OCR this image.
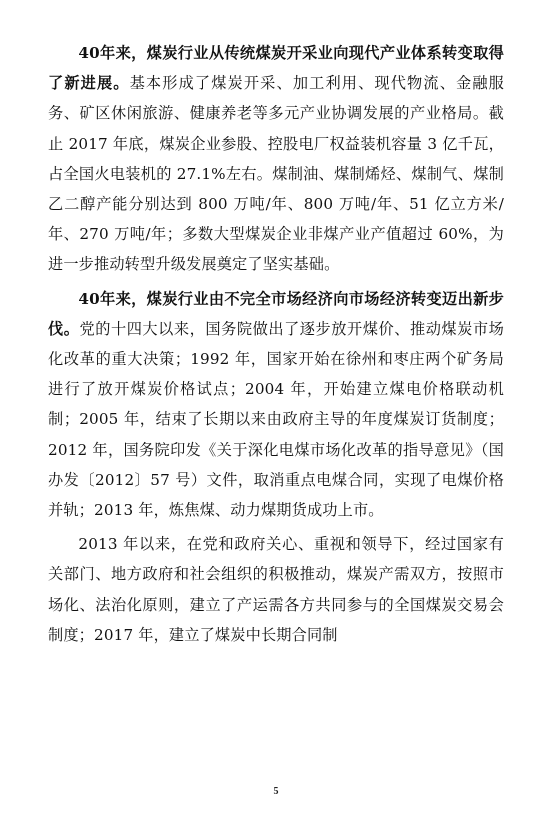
40年来，煤炭行业从传统煤炭开采业向现代产业体系转变取得了新进展。基本形成了煤炭开采、加工利用、现代物流、金融服务、矿区休闲旅游、健康养老等多元产业协调发展的产业格局。截止 2017 年底，煤炭企业参股、控股电厂权益装机容量 3 亿千瓦，占全国火电装机的 27.1%左右。煤制油、煤制烯烃、煤制气、煤制乙二醇产能分别达到 800 万吨/年、800 万吨/年、51 亿立方米/年、270 万吨/年；多数大型煤炭企业非煤产业产值超过 60%，为进一步推动转型升级发展奠定了坚实基础。

40年来，煤炭行业由不完全市场经济向市场经济转变迈出新步伐。党的十四大以来，国务院做出了逐步放开煤价、推动煤炭市场化改革的重大决策；1992 年，国家开始在徐州和枣庄两个矿务局进行了放开煤炭价格试点；2004 年，开始建立煤电价格联动机制；2005 年，结束了长期以来由政府主导的年度煤炭订货制度；2012 年，国务院印发《关于深化电煤市场化改革的指导意见》（国办发〔2012〕57 号）文件，取消重点电煤合同，实现了电煤价格并轨；2013 年，炼焦煤、动力煤期货成功上市。

2013 年以来，在党和政府关心、重视和领导下，经过国家有关部门、地方政府和社会组织的积极推动，煤炭产需双方，按照市场化、法治化原则，建立了产运需各方共同参与的全国煤炭交易会制度；2017 年，建立了煤炭中长期合同制

5
